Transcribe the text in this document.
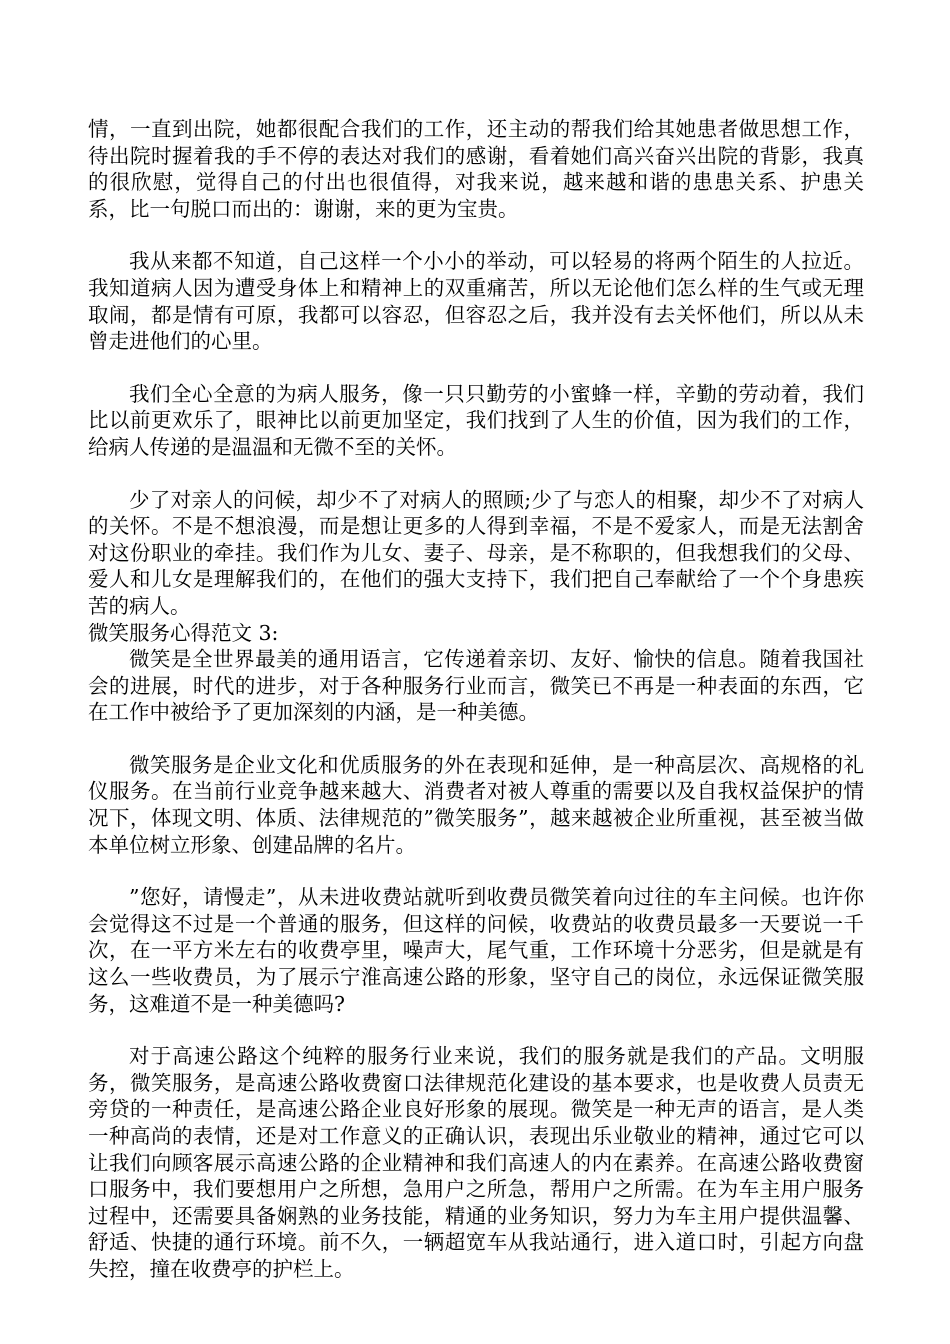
情，一直到出院，她都很配合我们的工作，还主动的帮我们给其她患者做思想工作，待出院时握着我的手不停的表达对我们的感谢，看着她们高兴奋兴出院的背影，我真的很欣慰，觉得自己的付出也很值得，对我来说，越来越和谐的患患关系、护患关系，比一句脱口而出的：谢谢，来的更为宝贵。

我从来都不知道，自己这样一个小小的举动，可以轻易的将两个陌生的人拉近。我知道病人因为遭受身体上和精神上的双重痛苦，所以无论他们怎么样的生气或无理取闹，都是情有可原，我都可以容忍，但容忍之后，我并没有去关怀他们，所以从未曾走进他们的心里。

我们全心全意的为病人服务，像一只只勤劳的小蜜蜂一样，辛勤的劳动着，我们比以前更欢乐了，眼神比以前更加坚定，我们找到了人生的价值，因为我们的工作，给病人传递的是温温和无微不至的关怀。

少了对亲人的问候，却少不了对病人的照顾;少了与恋人的相聚，却少不了对病人的关怀。不是不想浪漫，而是想让更多的人得到幸福，不是不爱家人，而是无法割舍对这份职业的牵挂。我们作为儿女、妻子、母亲，是不称职的，但我想我们的父母、爱人和儿女是理解我们的，在他们的强大支持下，我们把自己奉献给了一个个身患疾苦的病人。

微笑服务心得范文 3:

微笑是全世界最美的通用语言，它传递着亲切、友好、愉快的信息。随着我国社会的进展，时代的进步，对于各种服务行业而言，微笑已不再是一种表面的东西，它在工作中被给予了更加深刻的内涵，是一种美德。

微笑服务是企业文化和优质服务的外在表现和延伸，是一种高层次、高规格的礼仪服务。在当前行业竞争越来越大、消费者对被人尊重的需要以及自我权益保护的情况下，体现文明、体质、法律规范的”微笑服务”，越来越被企业所重视，甚至被当做本单位树立形象、创建品牌的名片。

”您好，请慢走”，从未进收费站就听到收费员微笑着向过往的车主问候。也许你会觉得这不过是一个普通的服务，但这样的问候，收费站的收费员最多一天要说一千次，在一平方米左右的收费亭里，噪声大，尾气重，工作环境十分恶劣，但是就是有这么一些收费员，为了展示宁淮高速公路的形象，坚守自己的岗位，永远保证微笑服务，这难道不是一种美德吗?

对于高速公路这个纯粹的服务行业来说，我们的服务就是我们的产品。文明服务，微笑服务，是高速公路收费窗口法律规范化建设的基本要求，也是收费人员责无旁贷的一种责任，是高速公路企业良好形象的展现。微笑是一种无声的语言，是人类一种高尚的表情，还是对工作意义的正确认识，表现出乐业敬业的精神，通过它可以让我们向顾客展示高速公路的企业精神和我们高速人的内在素养。在高速公路收费窗口服务中，我们要想用户之所想，急用户之所急，帮用户之所需。在为车主用户服务过程中，还需要具备娴熟的业务技能，精通的业务知识，努力为车主用户提供温馨、舒适、快捷的通行环境。前不久，一辆超宽车从我站通行，进入道口时，引起方向盘失控，撞在收费亭的护栏上。
